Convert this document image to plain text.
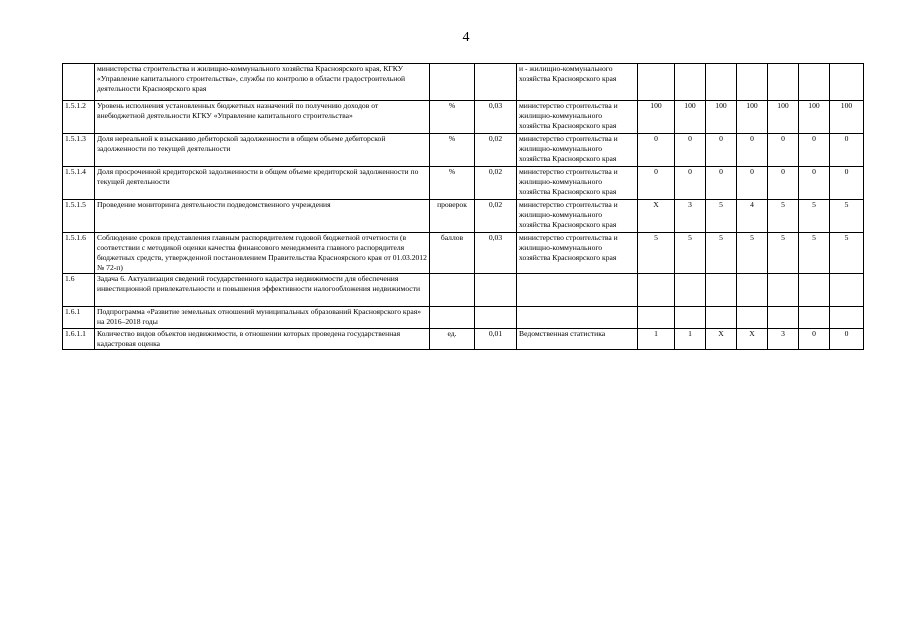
4
	министерства строительства и жилищно-коммунального хозяйства Красноярского края, КГКУ «Управление капитального строительства», службы по контролю в области градостроительной деятельности Красноярского края			и - жилищно-коммунального хозяйства Красноярского края							
1.5.1.2	Уровень исполнения установленных бюджетных назначений по получению доходов от внебюджетной деятельности КГКУ «Управление капитального строительства»	%	0,03	министерство строительства и жилищно-коммунального хозяйства Красноярского края	100	100	100	100	100	100	100
1.5.1.3	Доля нереальной к взысканию дебиторской задолженности в общем объеме дебиторской задолженности по текущей деятельности	%	0,02	министерство строительства и жилищно-коммунального хозяйства Красноярского края	0	0	0	0	0	0	0
1.5.1.4	Доля просроченной кредиторской задолженности в общем объеме кредиторской задолженности по текущей деятельности	%	0,02	министерство строительства и жилищно-коммунального хозяйства Красноярского края	0	0	0	0	0	0	0
1.5.1.5	Проведение мониторинга деятельности подведомственного учреждения	проверок	0,02	министерство строительства и жилищно-коммунального хозяйства Красноярского края	X	3	5	4	5	5	5
1.5.1.6	Соблюдение сроков представления главным распорядителем годовой бюджетной отчетности (в соответствии с методикой оценки качества финансового менеджмента главного распорядителя бюджетных средств, утвержденной постановлением Правительства Красноярского края от 01.03.2012 № 72-п)	баллов	0,03	министерство строительства и жилищно-коммунального хозяйства Красноярского края	5	5	5	5	5	5	5
1.6	Задача 6. Актуализация сведений государственного кадастра недвижимости для обеспечения инвестиционной привлекательности и повышения эффективности налогообложения недвижимости										
1.6.1	Подпрограмма «Развитие земельных отношений муниципальных образований Красноярского края» на 2016–2018 годы										
1.6.1.1	Количество видов объектов недвижимости, в отношении которых проведена государственная кадастровая оценка	ед.	0,01	Ведомственная статистика	1	1	X	X	3	0	0
